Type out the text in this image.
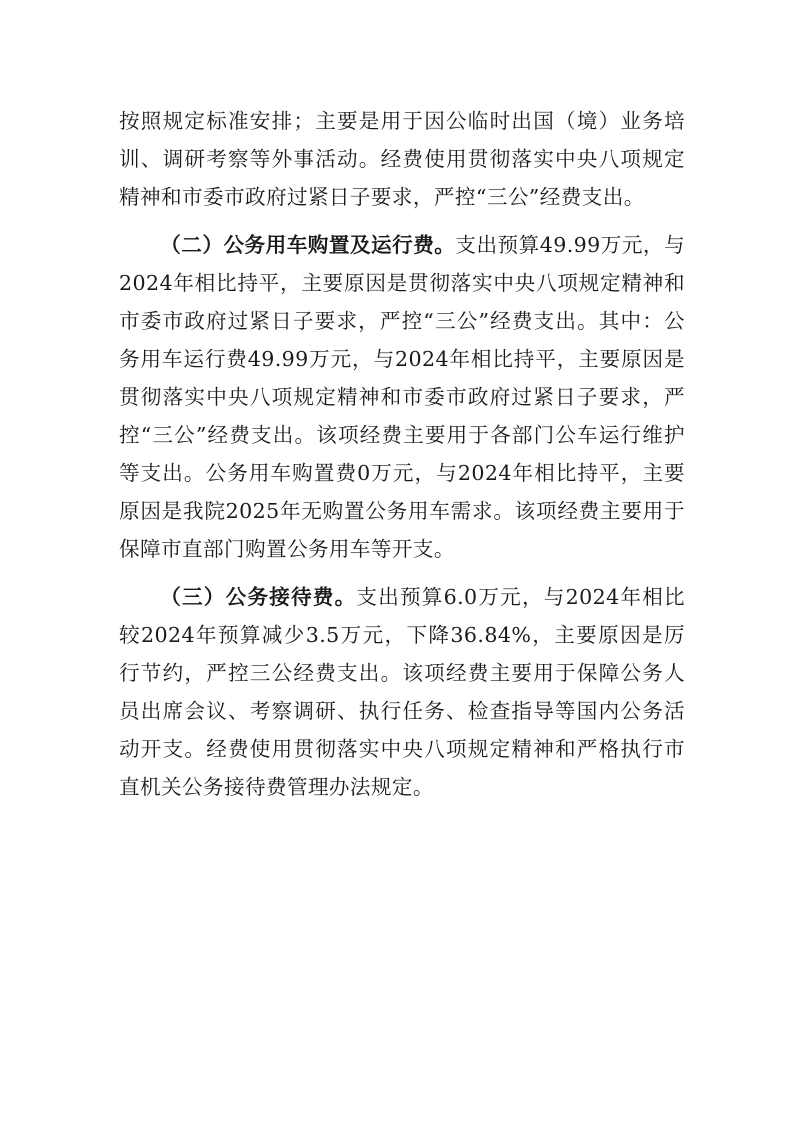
按照规定标准安排；主要是用于因公临时出国（境）业务培训、调研考察等外事活动。经费使用贯彻落实中央八项规定精神和市委市政府过紧日子要求，严控“三公”经费支出。

（二）公务用车购置及运行费。支出预算49.99万元，与2024年相比持平，主要原因是贯彻落实中央八项规定精神和市委市政府过紧日子要求，严控“三公”经费支出。其中：公务用车运行费49.99万元，与2024年相比持平，主要原因是贯彻落实中央八项规定精神和市委市政府过紧日子要求，严控“三公”经费支出。该项经费主要用于各部门公车运行维护等支出。公务用车购置费0万元，与2024年相比持平，主要原因是我院2025年无购置公务用车需求。该项经费主要用于保障市直部门购置公务用车等开支。

（三）公务接待费。支出预算6.0万元，与2024年相比较2024年预算减少3.5万元，下降36.84%，主要原因是厉行节约，严控三公经费支出。该项经费主要用于保障公务人员出席会议、考察调研、执行任务、检查指导等国内公务活动开支。经费使用贯彻落实中央八项规定精神和严格执行市直机关公务接待费管理办法规定。
